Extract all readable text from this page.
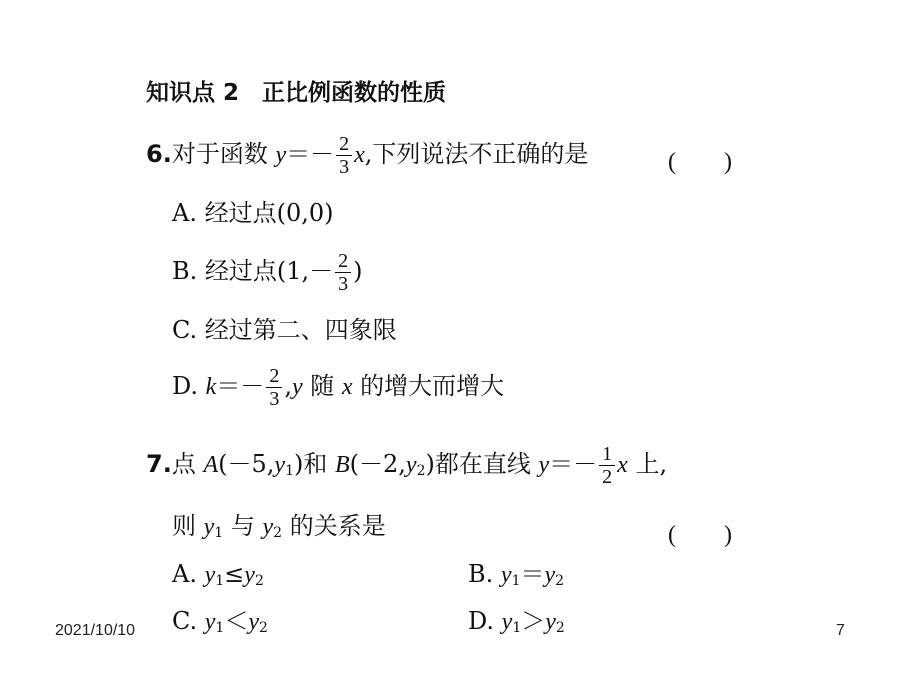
知识点 2　正比例函数的性质
6.对于函数 $y=- \frac{2}{3} x$,下列说法不正确的是	(　　)
A. 经过点(0,0)
B. 经过点($1,- \frac{2}{3}$ )
C. 经过第二、四象限
D. $k=- \frac{2}{3} ,y$ 随 x 的增大而增大
7.点 $A(-5,y_1)$和 $B(-2,y_2)$都在直线 $y=- \frac{1}{2}$ x 上,
则 $y_1$ 与 $y_2$ 的关系是	(　　)
A. $y_1\le y_2$	B. $y_1=y_2$
C. $y_1<y_2$	D. $y_1>y_2$
2021/10/10	7
